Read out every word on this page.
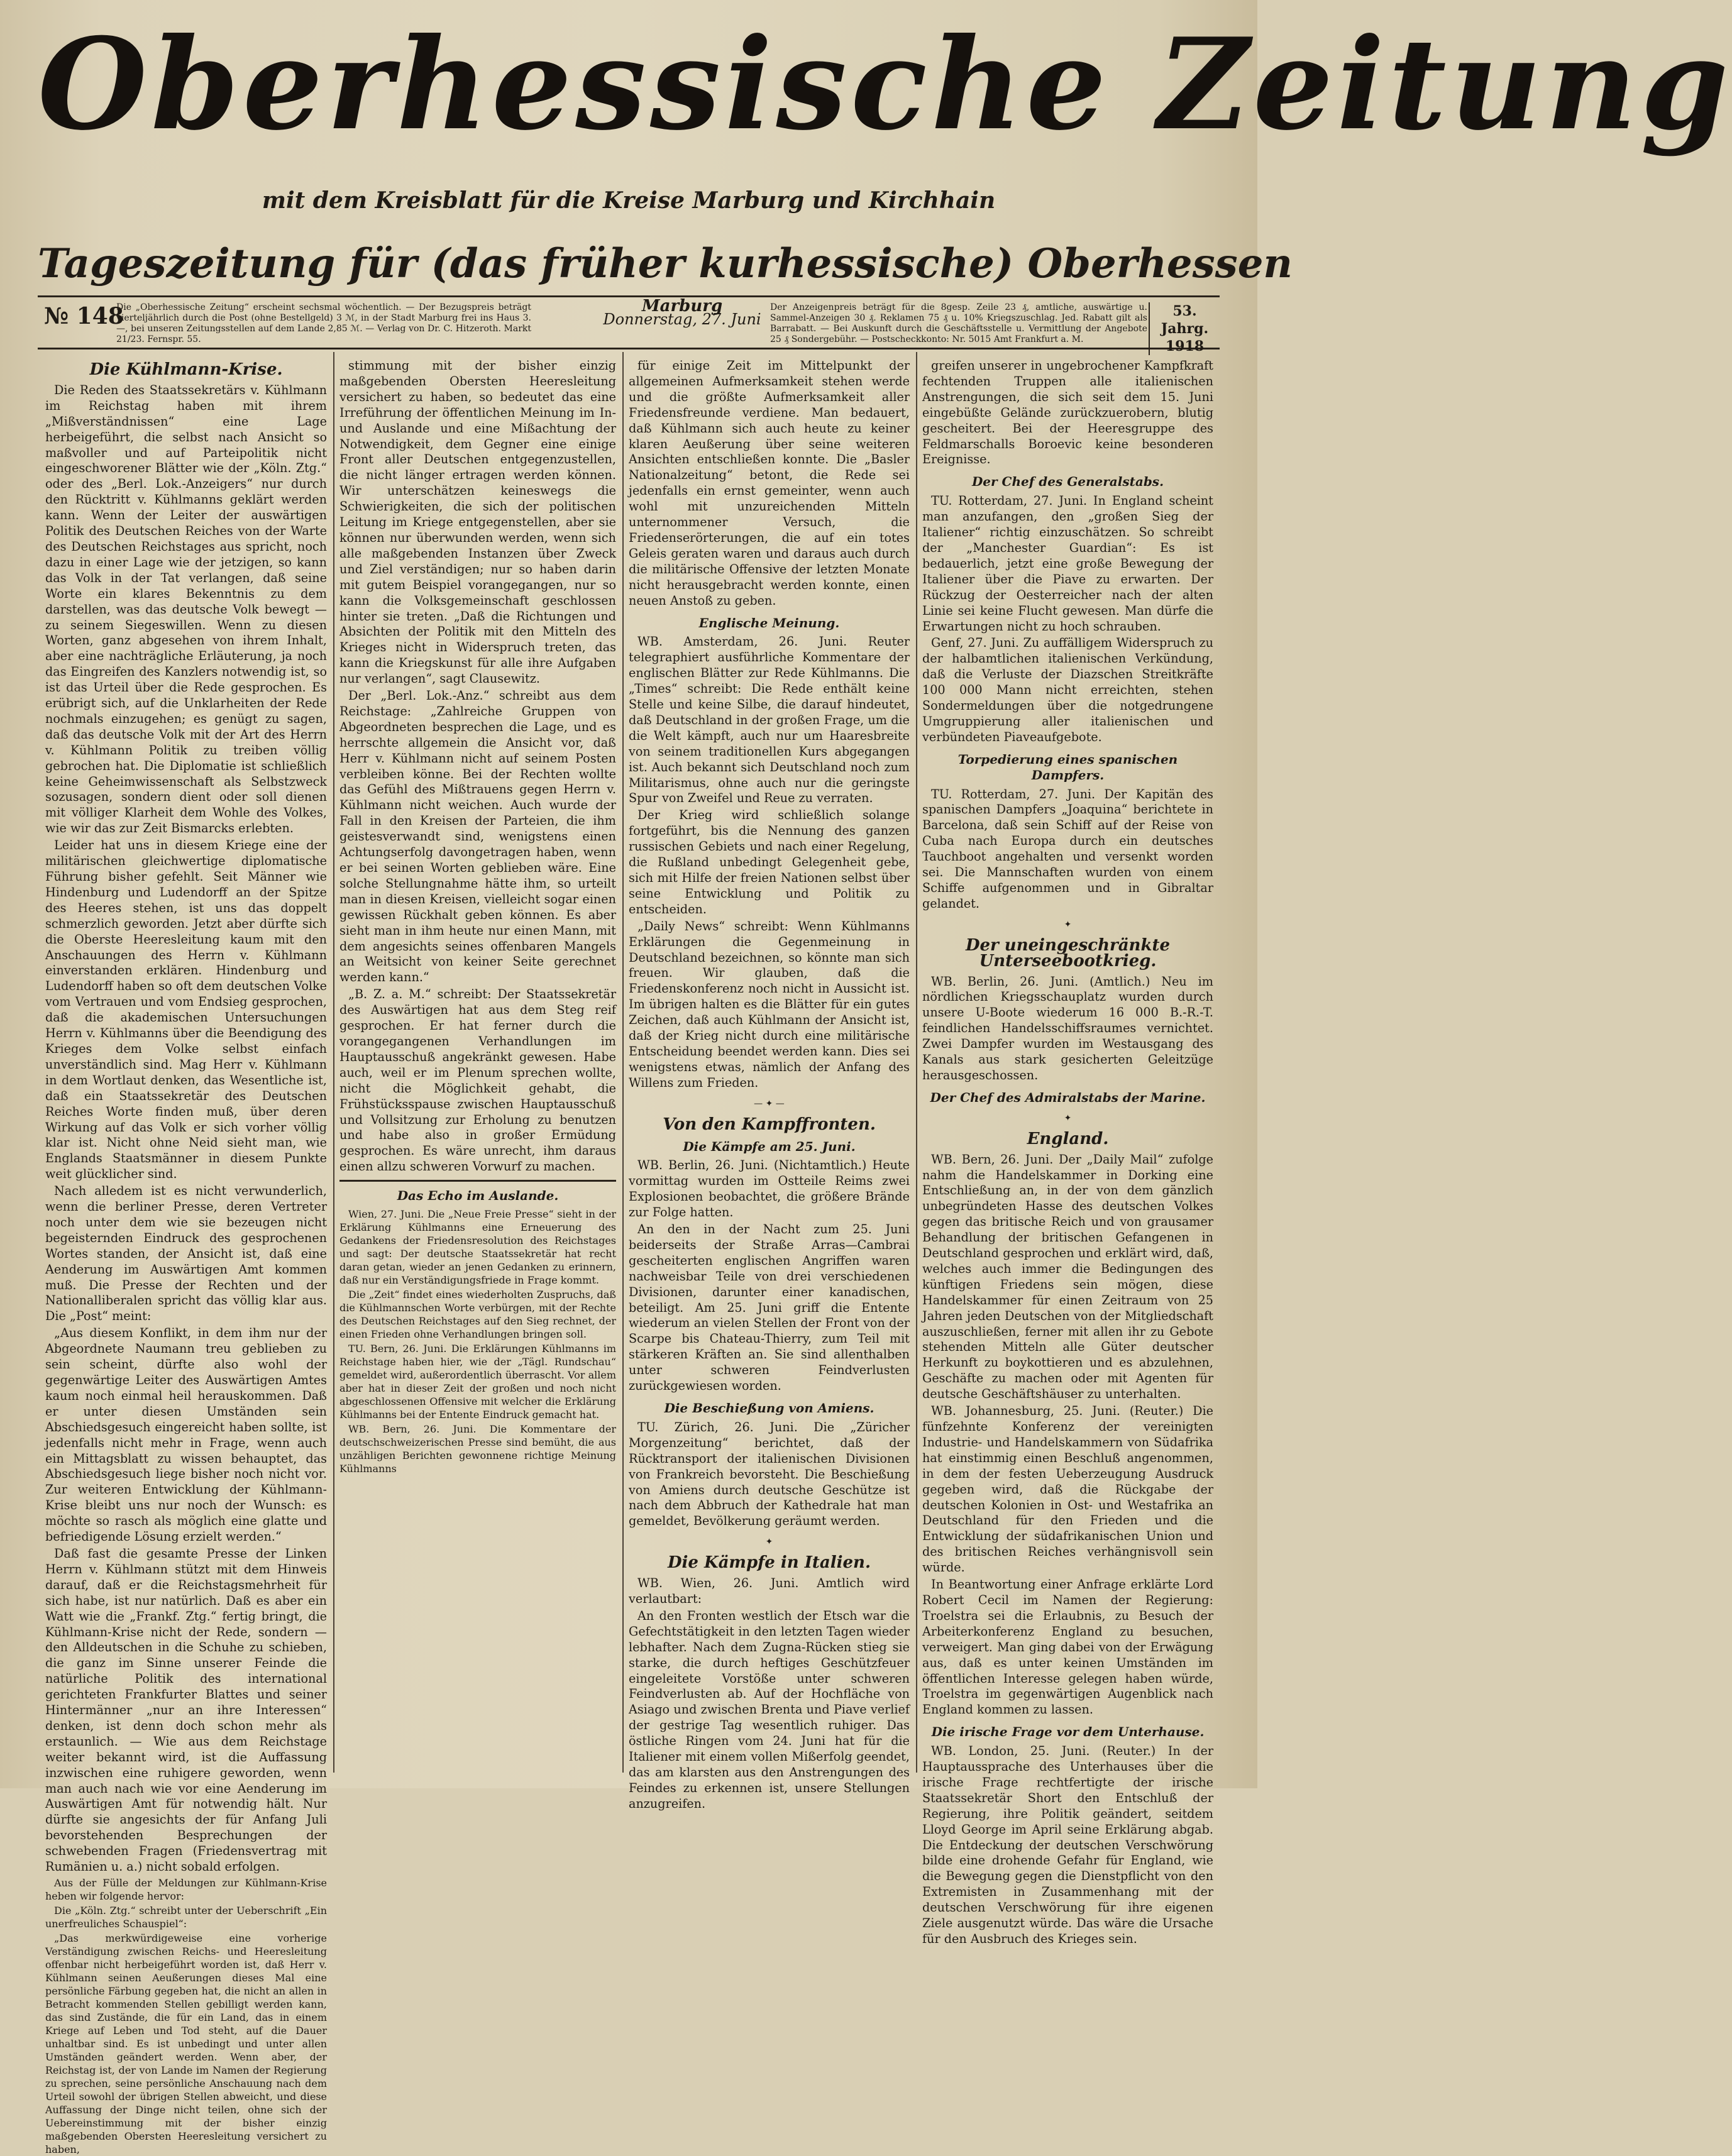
Oberhessische Zeitung
mit dem Kreisblatt für die Kreise Marburg und Kirchhain
Tageszeitung für (das früher kurhessische) Oberhessen
№ 148
Die „Oberhessische Zeitung“ erscheint sechsmal wöchentlich. — Der Bezugspreis beträgt vierteljährlich durch die Post (ohne Bestellgeld) 3 ℳ, in der Stadt Marburg frei ins Haus 3.—, bei unseren Zeitungsstellen auf dem Lande 2,85 ℳ. — Verlag von Dr. C. Hitzeroth. Markt 21/23. Fernspr. 55.
Marburg
Donnerstag, 27. Juni
Der Anzeigenpreis beträgt für die 8gesp. Zeile 23 ₰, amtliche, auswärtige u. Sammel-Anzeigen 30 ₰. Reklamen 75 ₰ u. 10% Kriegszuschlag. Jed. Rabatt gilt als Barrabatt. — Bei Auskunft durch die Geschäftsstelle u. Vermittlung der Angebote 25 ₰ Sondergebühr. — Postscheckkonto: Nr. 5015 Amt Frankfurt a. M.
53. Jahrg.
1918
Die Kühlmann-Krise.

Die Reden des Staatssekretärs v. Kühlmann im Reichstag haben mit ihrem „Mißverständnissen“ eine Lage herbeigeführt, die selbst nach Ansicht so maßvoller und auf Parteipolitik nicht eingeschworener Blätter wie der „Köln. Ztg.“ oder des „Berl. Lok.-Anzeigers“ nur durch den Rücktritt v. Kühlmanns geklärt werden kann. Wenn der Leiter der auswärtigen Politik des Deutschen Reiches von der Warte des Deutschen Reichstages aus spricht, noch dazu in einer Lage wie der jetzigen, so kann das Volk in der Tat verlangen, daß seine Worte ein klares Bekenntnis zu dem darstellen, was das deutsche Volk bewegt — zu seinem Siegeswillen. Wenn zu diesen Worten, ganz abgesehen von ihrem Inhalt, aber eine nachträgliche Erläuterung, ja noch das Eingreifen des Kanzlers notwendig ist, so ist das Urteil über die Rede gesprochen. Es erübrigt sich, auf die Unklarheiten der Rede nochmals einzugehen; es genügt zu sagen, daß das deutsche Volk mit der Art des Herrn v. Kühlmann Politik zu treiben völlig gebrochen hat. Die Diplomatie ist schließlich keine Geheimwissenschaft als Selbstzweck sozusagen, sondern dient oder soll dienen mit völliger Klarheit dem Wohle des Volkes, wie wir das zur Zeit Bismarcks erlebten.

Leider hat uns in diesem Kriege eine der militärischen gleichwertige diplomatische Führung bisher gefehlt. Seit Männer wie Hindenburg und Ludendorff an der Spitze des Heeres stehen, ist uns das doppelt schmerzlich geworden. Jetzt aber dürfte sich die Oberste Heeresleitung kaum mit den Anschauungen des Herrn v. Kühlmann einverstanden erklären. Hindenburg und Ludendorff haben so oft dem deutschen Volke vom Vertrauen und vom Endsieg gesprochen, daß die akademischen Untersuchungen Herrn v. Kühlmanns über die Beendigung des Krieges dem Volke selbst einfach unverständlich sind. Mag Herr v. Kühlmann in dem Wortlaut denken, das Wesentliche ist, daß ein Staatssekretär des Deutschen Reiches Worte finden muß, über deren Wirkung auf das Volk er sich vorher völlig klar ist. Nicht ohne Neid sieht man, wie Englands Staatsmänner in diesem Punkte weit glücklicher sind.

Nach alledem ist es nicht verwunderlich, wenn die berliner Presse, deren Vertreter noch unter dem wie sie bezeugen nicht begeisternden Eindruck des gesprochenen Wortes standen, der Ansicht ist, daß eine Aenderung im Auswärtigen Amt kommen muß. Die Presse der Rechten und der Nationalliberalen spricht das völlig klar aus. Die „Post“ meint:

„Aus diesem Konflikt, in dem ihm nur der Abgeordnete Naumann treu geblieben zu sein scheint, dürfte also wohl der gegenwärtige Leiter des Auswärtigen Amtes kaum noch einmal heil herauskommen. Daß er unter diesen Umständen sein Abschiedsgesuch eingereicht haben sollte, ist jedenfalls nicht mehr in Frage, wenn auch ein Mittagsblatt zu wissen behauptet, das Abschiedsgesuch liege bisher noch nicht vor. Zur weiteren Entwicklung der Kühlmann-Krise bleibt uns nur noch der Wunsch: es möchte so rasch als möglich eine glatte und befriedigende Lösung erzielt werden.“

Daß fast die gesamte Presse der Linken Herrn v. Kühlmann stützt mit dem Hinweis darauf, daß er die Reichstagsmehrheit für sich habe, ist nur natürlich. Daß es aber ein Watt wie die „Frankf. Ztg.“ fertig bringt, die Kühlmann-Krise nicht der Rede, sondern — den Alldeutschen in die Schuhe zu schieben, die ganz im Sinne unserer Feinde die natürliche Politik des international gerichteten Frankfurter Blattes und seiner Hintermänner „nur an ihre Interessen“ denken, ist denn doch schon mehr als erstaunlich. — Wie aus dem Reichstage weiter bekannt wird, ist die Auffassung inzwischen eine ruhigere geworden, wenn man auch nach wie vor eine Aenderung im Auswärtigen Amt für notwendig hält. Nur dürfte sie angesichts der für Anfang Juli bevorstehenden Besprechungen der schwebenden Fragen (Friedensvertrag mit Rumänien u. a.) nicht sobald erfolgen.

Aus der Fülle der Meldungen zur Kühlmann-Krise heben wir folgende hervor:

Die „Köln. Ztg.“ schreibt unter der Ueberschrift „Ein unerfreuliches Schauspiel“:

„Das merkwürdigeweise eine vorherige Verständigung zwischen Reichs- und Heeresleitung offenbar nicht herbeigeführt worden ist, daß Herr v. Kühlmann seinen Aeußerungen dieses Mal eine persönliche Färbung gegeben hat, die nicht an allen in Betracht kommenden Stellen gebilligt werden kann, das sind Zustände, die für ein Land, das in einem Kriege auf Leben und Tod steht, auf die Dauer unhaltbar sind. Es ist unbedingt und unter allen Umständen geändert werden. Wenn aber, der Reichstag ist, der von Lande im Namen der Regierung zu sprechen, seine persönliche Anschauung nach dem Urteil sowohl der übrigen Stellen abweicht, und diese Auffassung der Dinge nicht teilen, ohne sich der Uebereinstimmung mit der bisher einzig maßgebenden Obersten Heeresleitung versichert zu haben,

stimmung mit der bisher einzig maßgebenden Obersten Heeresleitung versichert zu haben, so bedeutet das eine Irreführung der öffentlichen Meinung im In- und Auslande und eine Mißachtung der Notwendigkeit, dem Gegner eine einige Front aller Deutschen entgegenzustellen, die nicht länger ertragen werden können. Wir unterschätzen keineswegs die Schwierigkeiten, die sich der politischen Leitung im Kriege entgegenstellen, aber sie können nur überwunden werden, wenn sich alle maßgebenden Instanzen über Zweck und Ziel verständigen; nur so haben darin mit gutem Beispiel vorangegangen, nur so kann die Volksgemeinschaft geschlossen hinter sie treten. „Daß die Richtungen und Absichten der Politik mit den Mitteln des Krieges nicht in Widerspruch treten, das kann die Kriegskunst für alle ihre Aufgaben nur verlangen“, sagt Clausewitz.

Der „Berl. Lok.-Anz.“ schreibt aus dem Reichstage: „Zahlreiche Gruppen von Abgeordneten besprechen die Lage, und es herrschte allgemein die Ansicht vor, daß Herr v. Kühlmann nicht auf seinem Posten verbleiben könne. Bei der Rechten wollte das Gefühl des Mißtrauens gegen Herrn v. Kühlmann nicht weichen. Auch wurde der Fall in den Kreisen der Parteien, die ihm geistesverwandt sind, wenigstens einen Achtungserfolg davongetragen haben, wenn er bei seinen Worten geblieben wäre. Eine solche Stellungnahme hätte ihm, so urteilt man in diesen Kreisen, vielleicht sogar einen gewissen Rückhalt geben können. Es aber sieht man in ihm heute nur einen Mann, mit dem angesichts seines offenbaren Mangels an Weitsicht von keiner Seite gerechnet werden kann.“

„B. Z. a. M.“ schreibt: Der Staatssekretär des Auswärtigen hat aus dem Steg reif gesprochen. Er hat ferner durch die vorangegangenen Verhandlungen im Hauptausschuß angekränkt gewesen. Habe auch, weil er im Plenum sprechen wollte, nicht die Möglichkeit gehabt, die Frühstücksspause zwischen Hauptausschuß und Vollsitzung zur Erholung zu benutzen und habe also in großer Ermüdung gesprochen. Es wäre unrecht, ihm daraus einen allzu schweren Vorwurf zu machen.

Das Echo im Auslande.

Wien, 27. Juni. Die „Neue Freie Presse“ sieht in der Erklärung Kühlmanns eine Erneuerung des Gedankens der Friedensresolution des Reichstages und sagt: Der deutsche Staatssekretär hat recht daran getan, wieder an jenen Gedanken zu erinnern, daß nur ein Verständigungsfriede in Frage kommt.

Die „Zeit“ findet eines wiederholten Zuspruchs, daß die Kühlmannschen Worte verbürgen, mit der Rechte des Deutschen Reichstages auf den Sieg rechnet, der einen Frieden ohne Verhandlungen bringen soll.

TU. Bern, 26. Juni. Die Erklärungen Kühlmanns im Reichstage haben hier, wie der „Tägl. Rundschau“ gemeldet wird, außerordentlich überrascht. Vor allem aber hat in dieser Zeit der großen und noch nicht abgeschlossenen Offensive mit welcher die Erklärung Kühlmanns bei der Entente Eindruck gemacht hat.

WB. Bern, 26. Juni. Die Kommentare der deutschschweizerischen Presse sind bemüht, die aus unzähligen Berichten gewonnene richtige Meinung Kühlmanns

für einige Zeit im Mittelpunkt der allgemeinen Aufmerksamkeit stehen werde und die größte Aufmerksamkeit aller Friedensfreunde verdiene. Man bedauert, daß Kühlmann sich auch heute zu keiner klaren Aeußerung über seine weiteren Ansichten entschließen konnte. Die „Basler Nationalzeitung“ betont, die Rede sei jedenfalls ein ernst gemeinter, wenn auch wohl mit unzureichenden Mitteln unternommener Versuch, die Friedenserörterungen, die auf ein totes Geleis geraten waren und daraus auch durch die militärische Offensive der letzten Monate nicht herausgebracht werden konnte, einen neuen Anstoß zu geben.

Englische Meinung.

WB. Amsterdam, 26. Juni. Reuter telegraphiert ausführliche Kommentare der englischen Blätter zur Rede Kühlmanns. Die „Times“ schreibt: Die Rede enthält keine Stelle und keine Silbe, die darauf hindeutet, daß Deutschland in der großen Frage, um die die Welt kämpft, auch nur um Haaresbreite von seinem traditionellen Kurs abgegangen ist. Auch bekannt sich Deutschland noch zum Militarismus, ohne auch nur die geringste Spur von Zweifel und Reue zu verraten.

Der Krieg wird schließlich solange fortgeführt, bis die Nennung des ganzen russischen Gebiets und nach einer Regelung, die Rußland unbedingt Gelegenheit gebe, sich mit Hilfe der freien Nationen selbst über seine Entwicklung und Politik zu entscheiden.

„Daily News“ schreibt: Wenn Kühlmanns Erklärungen die Gegenmeinung in Deutschland bezeichnen, so könnte man sich freuen. Wir glauben, daß die Friedenskonferenz noch nicht in Aussicht ist. Im übrigen halten es die Blätter für ein gutes Zeichen, daß auch Kühlmann der Ansicht ist, daß der Krieg nicht durch eine militärische Entscheidung beendet werden kann. Dies sei wenigstens etwas, nämlich der Anfang des Willens zum Frieden.

— ✦ —
Von den Kampffronten.
Die Kämpfe am 25. Juni.

WB. Berlin, 26. Juni. (Nichtamtlich.) Heute vormittag wurden im Ostteile Reims zwei Explosionen beobachtet, die größere Brände zur Folge hatten.

An den in der Nacht zum 25. Juni beiderseits der Straße Arras—Cambrai gescheiterten englischen Angriffen waren nachweisbar Teile von drei verschiedenen Divisionen, darunter einer kanadischen, beteiligt. Am 25. Juni griff die Entente wiederum an vielen Stellen der Front von der Scarpe bis Chateau-Thierry, zum Teil mit stärkeren Kräften an. Sie sind allenthalben unter schweren Feindverlusten zurückgewiesen worden.

Die Beschießung von Amiens.

TU. Zürich, 26. Juni. Die „Züricher Morgenzeitung“ berichtet, daß der Rücktransport der italienischen Divisionen von Frankreich bevorsteht. Die Beschießung von Amiens durch deutsche Geschütze ist nach dem Abbruch der Kathedrale hat man gemeldet, Bevölkerung geräumt werden.

✦
Die Kämpfe in Italien.

WB. Wien, 26. Juni. Amtlich wird verlautbart:

An den Fronten westlich der Etsch war die Gefechtstätigkeit in den letzten Tagen wieder lebhafter. Nach dem Zugna-Rücken stieg sie starke, die durch heftiges Geschützfeuer eingeleitete Vorstöße unter schweren Feindverlusten ab. Auf der Hochfläche von Asiago und zwischen Brenta und Piave verlief der gestrige Tag wesentlich ruhiger. Das östliche Ringen vom 24. Juni hat für die Italiener mit einem vollen Mißerfolg geendet, das am klarsten aus den Anstrengungen des Feindes zu erkennen ist, unsere Stellungen anzugreifen.

greifen unserer in ungebrochener Kampfkraft fechtenden Truppen alle italienischen Anstrengungen, die sich seit dem 15. Juni eingebüßte Gelände zurückzuerobern, blutig gescheitert. Bei der Heeresgruppe des Feldmarschalls Boroevic keine besonderen Ereignisse.

Der Chef des Generalstabs.

TU. Rotterdam, 27. Juni. In England scheint man anzufangen, den „großen Sieg der Italiener“ richtig einzuschätzen. So schreibt der „Manchester Guardian“: Es ist bedauerlich, jetzt eine große Bewegung der Italiener über die Piave zu erwarten. Der Rückzug der Oesterreicher nach der alten Linie sei keine Flucht gewesen. Man dürfe die Erwartungen nicht zu hoch schrauben.

Genf, 27. Juni. Zu auffälligem Widerspruch zu der halbamtlichen italienischen Verkündung, daß die Verluste der Diazschen Streitkräfte 100 000 Mann nicht erreichten, stehen Sondermeldungen über die notgedrungene Umgruppierung aller italienischen und verbündeten Piaveaufgebote.

Torpedierung eines spanischen Dampfers.

TU. Rotterdam, 27. Juni. Der Kapitän des spanischen Dampfers „Joaquina“ berichtete in Barcelona, daß sein Schiff auf der Reise von Cuba nach Europa durch ein deutsches Tauchboot angehalten und versenkt worden sei. Die Mannschaften wurden von einem Schiffe aufgenommen und in Gibraltar gelandet.

✦
Der uneingeschränkte Unterseebootkrieg.

WB. Berlin, 26. Juni. (Amtlich.) Neu im nördlichen Kriegsschauplatz wurden durch unsere U-Boote wiederum 16 000 B.-R.-T. feindlichen Handelsschiffsraumes vernichtet. Zwei Dampfer wurden im Westausgang des Kanals aus stark gesicherten Geleitzüge herausgeschossen.

Der Chef des Admiralstabs der Marine.
✦
England.

WB. Bern, 26. Juni. Der „Daily Mail“ zufolge nahm die Handelskammer in Dorking eine Entschließung an, in der von dem gänzlich unbegründeten Hasse des deutschen Volkes gegen das britische Reich und von grausamer Behandlung der britischen Gefangenen in Deutschland gesprochen und erklärt wird, daß, welches auch immer die Bedingungen des künftigen Friedens sein mögen, diese Handelskammer für einen Zeitraum von 25 Jahren jeden Deutschen von der Mitgliedschaft auszuschließen, ferner mit allen ihr zu Gebote stehenden Mitteln alle Güter deutscher Herkunft zu boykottieren und es abzulehnen, Geschäfte zu machen oder mit Agenten für deutsche Geschäftshäuser zu unterhalten.

WB. Johannesburg, 25. Juni. (Reuter.) Die fünfzehnte Konferenz der vereinigten Industrie- und Handelskammern von Südafrika hat einstimmig einen Beschluß angenommen, in dem der festen Ueberzeugung Ausdruck gegeben wird, daß die Rückgabe der deutschen Kolonien in Ost- und Westafrika an Deutschland für den Frieden und die Entwicklung der südafrikanischen Union und des britischen Reiches verhängnisvoll sein würde.

In Beantwortung einer Anfrage erklärte Lord Robert Cecil im Namen der Regierung: Troelstra sei die Erlaubnis, zu Besuch der Arbeiterkonferenz England zu besuchen, verweigert. Man ging dabei von der Erwägung aus, daß es unter keinen Umständen im öffentlichen Interesse gelegen haben würde, Troelstra im gegenwärtigen Augenblick nach England kommen zu lassen.

Die irische Frage vor dem Unterhause.

WB. London, 25. Juni. (Reuter.) In der Hauptaussprache des Unterhauses über die irische Frage rechtfertigte der irische Staatssekretär Short den Entschluß der Regierung, ihre Politik geändert, seitdem Lloyd George im April seine Erklärung abgab. Die Entdeckung der deutschen Verschwörung bilde eine drohende Gefahr für England, wie die Bewegung gegen die Dienstpflicht von den Extremisten in Zusammenhang mit der deutschen Verschwörung für ihre eigenen Ziele ausgenutzt würde. Das wäre die Ursache für den Ausbruch des Krieges sein.
